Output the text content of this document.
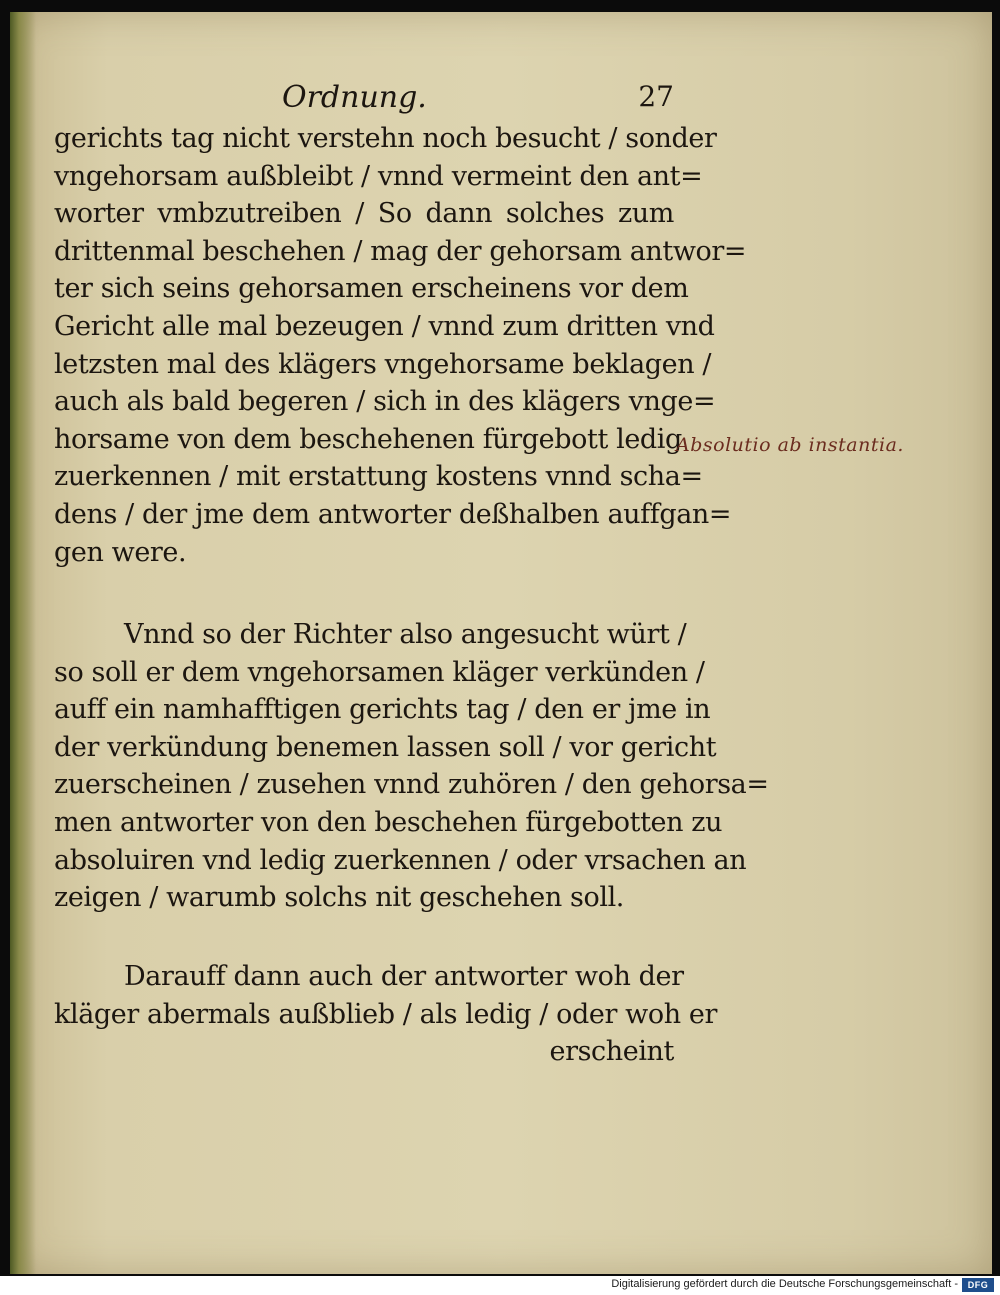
Ordnung.	27
gerichts tag nicht verstehn noch besucht / sonder
vngehorsam außbleibt / vnnd vermeint den ant=
worter vmbzutreiben / So dann solches zum
drittenmal beschehen / mag der gehorsam antwor=
ter sich seins gehorsamen erscheinens vor dem
Gericht alle mal bezeugen / vnnd zum dritten vnd
letzsten mal des klägers vngehorsame beklagen /
auch als bald begeren / sich in des klägers vnge=
horsame von dem beschehenen fürgebott ledig
zuerkennen / mit erstattung kostens vnnd scha=
dens / der jme dem antworter deßhalben auffgan=
gen were.
Absolutio ab instantia.
Vnnd so der Richter also angesucht würt /
so soll er dem vngehorsamen kläger verkünden /
auff ein namhafftigen gerichts tag / den er jme in
der verkündung benemen lassen soll / vor gericht
zuerscheinen / zusehen vnnd zuhören / den gehorsa=
men antworter von den beschehen fürgebotten zu
absoluiren vnd ledig zuerkennen / oder vrsachen an
zeigen / warumb solchs nit geschehen soll.
Darauff dann auch der antworter woh der
kläger abermals außblieb / als ledig / oder woh er
erscheint
Digitalisierung gefördert durch die Deutsche Forschungsgemeinschaft -	DFG
